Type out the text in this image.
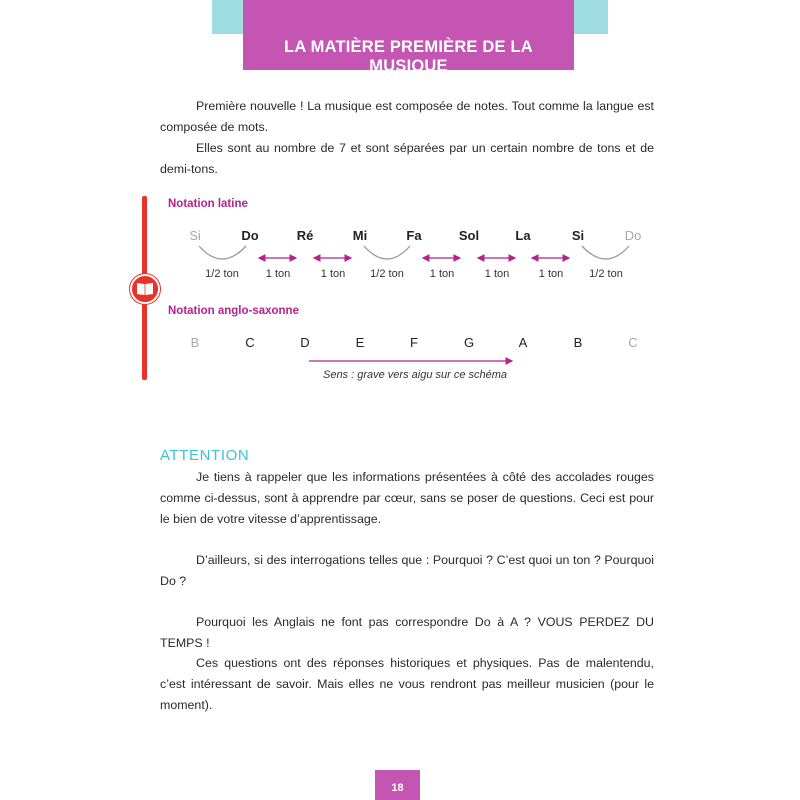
LA MATIÈRE PREMIÈRE DE LA MUSIQUE

Première nouvelle ! La musique est composée de notes. Tout comme la langue est composée de mots.

Elles sont au nombre de 7 et sont séparées par un certain nombre de tons et de demi-tons.

Notation latine
Notation anglo-saxonne
Si	Do	Ré	Mi	Fa	Sol	La	Si	Do
1/2 ton	1 ton	1 ton	1/2 ton	1 ton	1 ton	1 ton	1/2 ton
B	C	D	E	F	G	A	B	C
Sens : grave vers aigu sur ce schéma
ATTENTION

Je tiens à rappeler que les informations présentées à côté des accolades rouges comme ci-dessus, sont à apprendre par cœur, sans se poser de questions. Ceci est pour le bien de votre vitesse d’apprentissage.

D’ailleurs, si des interrogations telles que : Pourquoi ? C’est quoi un ton ? Pourquoi Do ?

Pourquoi les Anglais ne font pas correspondre Do à A ? VOUS PERDEZ DU TEMPS !

Ces questions ont des réponses historiques et physiques. Pas de malentendu, c’est intéressant de savoir. Mais elles ne vous rendront pas meilleur musicien (pour le moment).

18
